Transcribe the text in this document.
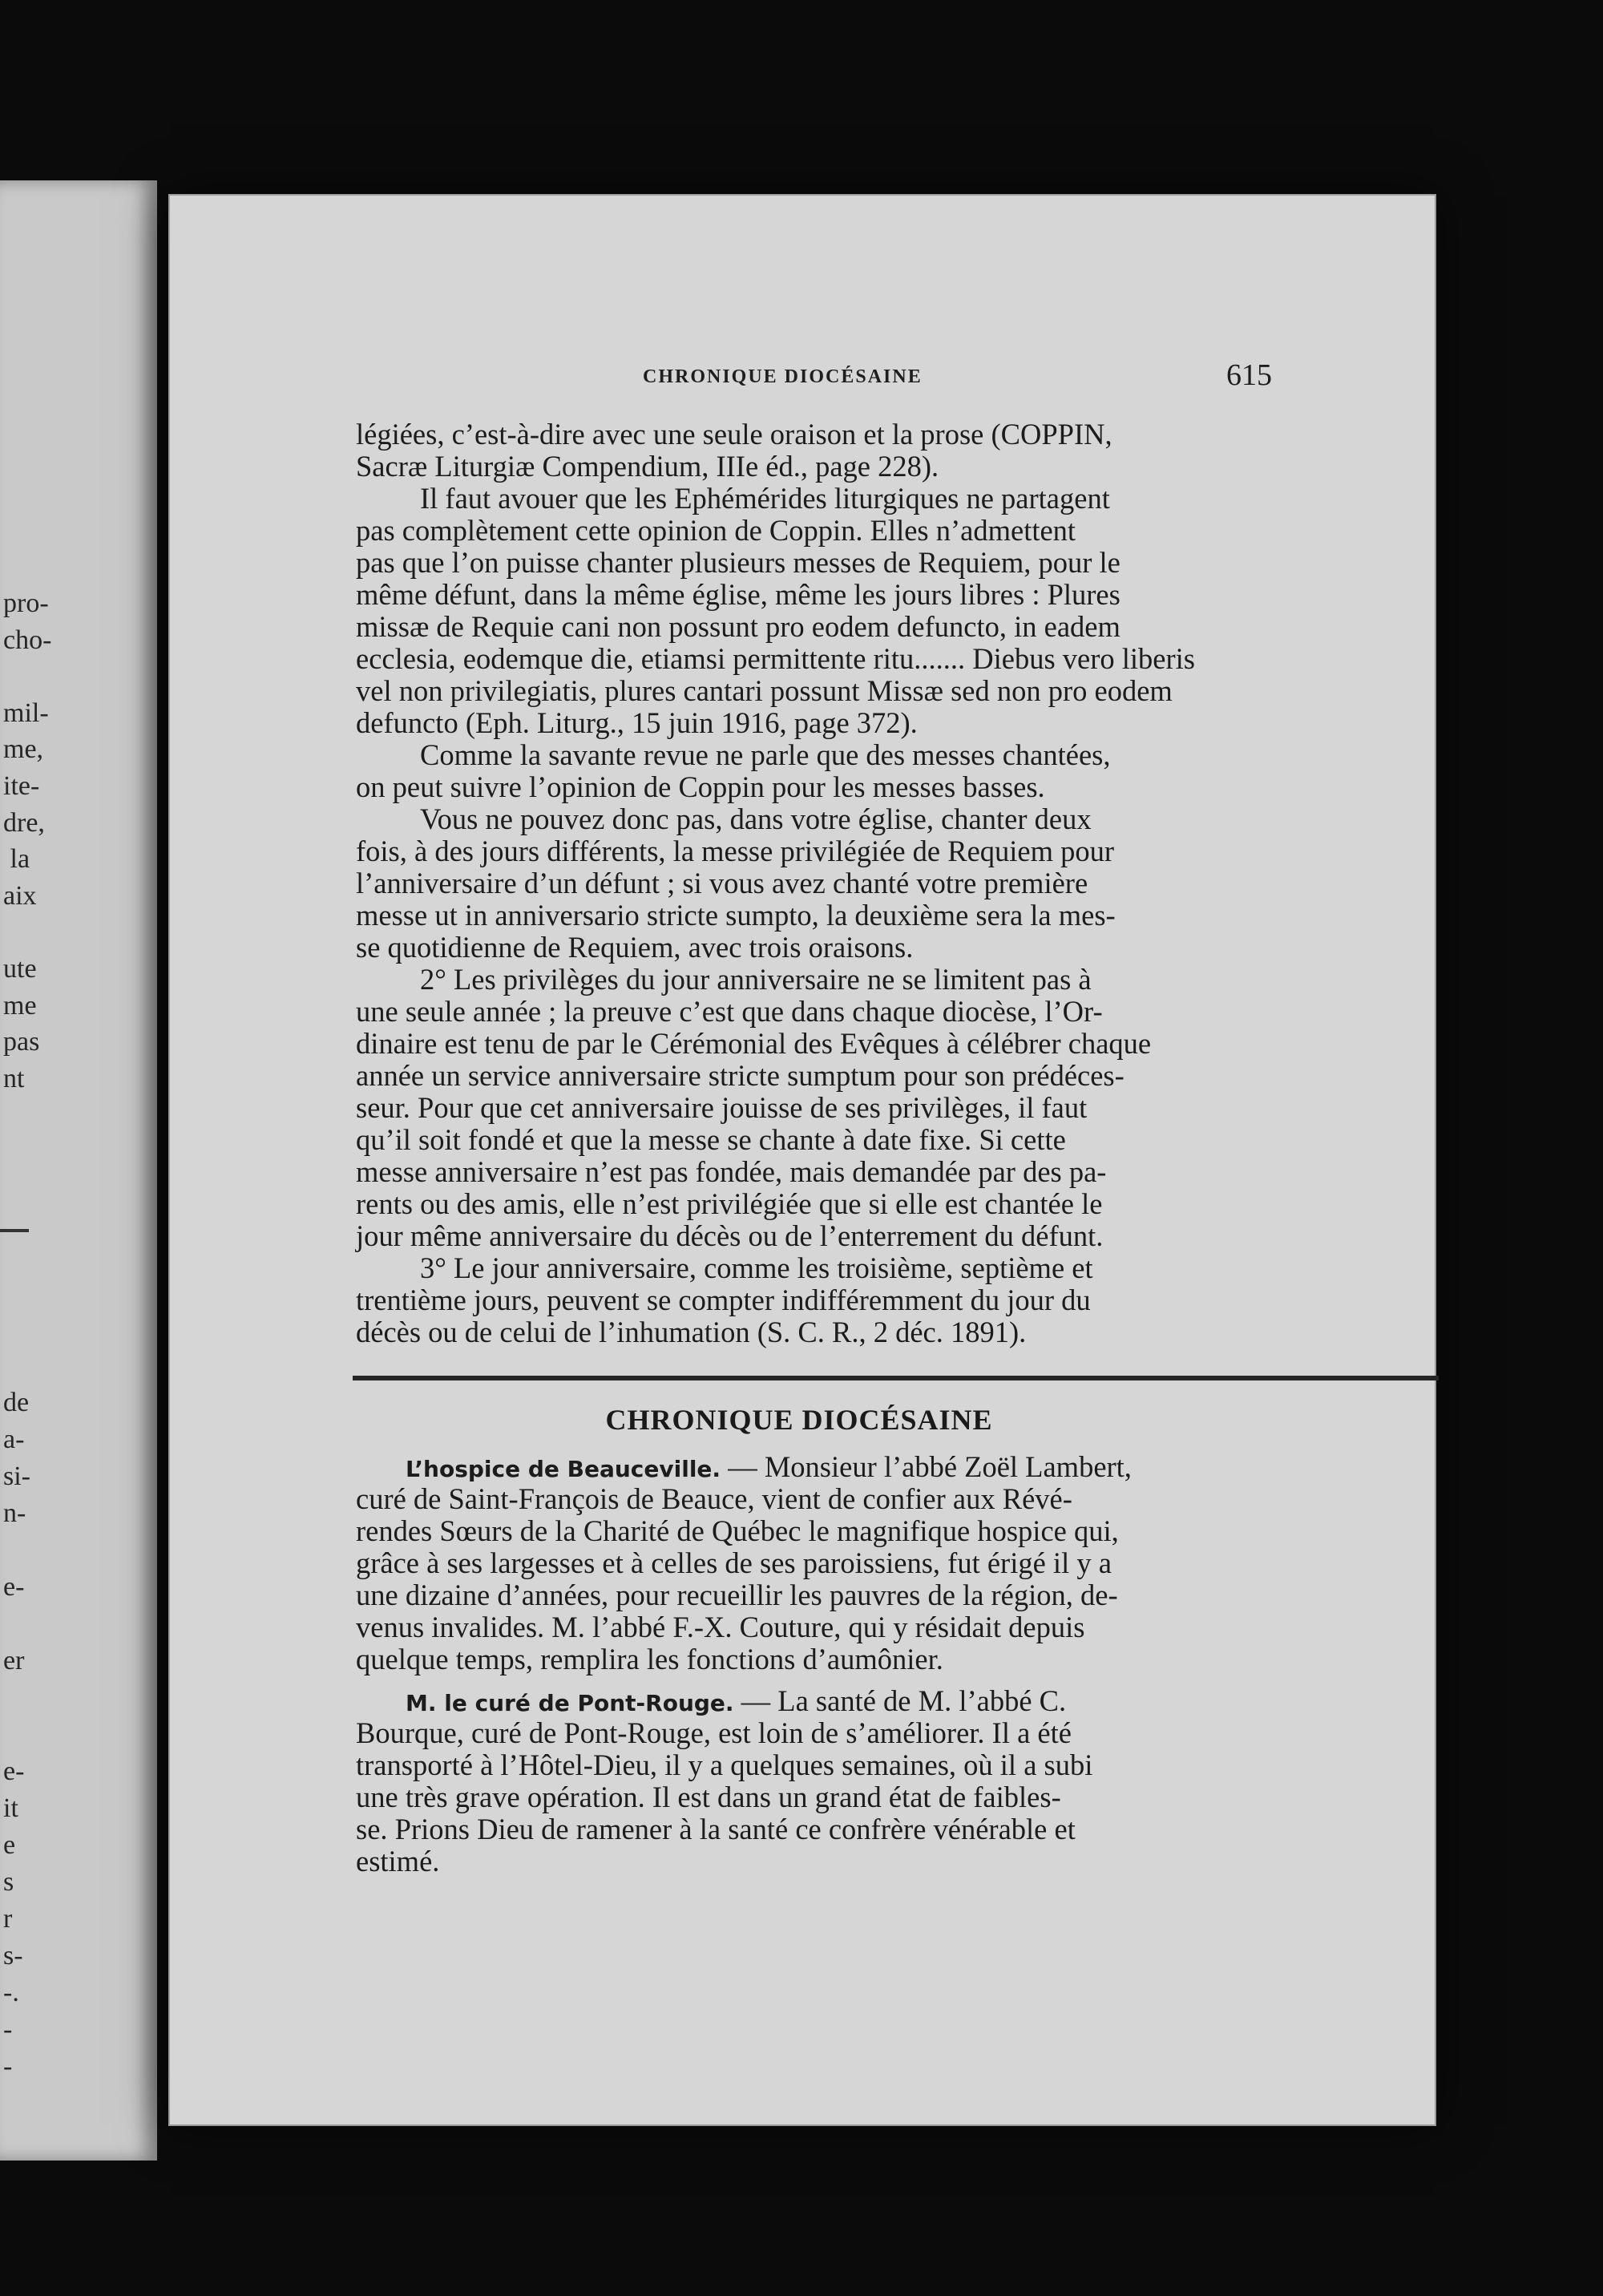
pro-
cho-

mil-
me,
ite-
dre,
la
aix

ute
me
pas
nt
de
a-
si-
n-

e-

er

e-
it
e
s
r
s-
-.
-
-
CHRONIQUE DIOCÉSAINE	615
légiées, c’est-à-dire avec une seule oraison et la prose (COPPIN,
Sacræ Liturgiæ Compendium, IIIe éd., page 228).
Il faut avouer que les Ephémérides liturgiques ne partagent
pas complètement cette opinion de Coppin. Elles n’admettent
pas que l’on puisse chanter plusieurs messes de Requiem, pour le
même défunt, dans la même église, même les jours libres : Plures
missæ de Requie cani non possunt pro eodem defuncto, in eadem
ecclesia, eodemque die, etiamsi permittente ritu....... Diebus vero liberis
vel non privilegiatis, plures cantari possunt Missæ sed non pro eodem
defuncto (Eph. Liturg., 15 juin 1916, page 372).
Comme la savante revue ne parle que des messes chantées,
on peut suivre l’opinion de Coppin pour les messes basses.
Vous ne pouvez donc pas, dans votre église, chanter deux
fois, à des jours différents, la messe privilégiée de Requiem pour
l’anniversaire d’un défunt ; si vous avez chanté votre première
messe ut in anniversario stricte sumpto, la deuxième sera la mes-
se quotidienne de Requiem, avec trois oraisons.
2° Les privilèges du jour anniversaire ne se limitent pas à
une seule année ; la preuve c’est que dans chaque diocèse, l’Or-
dinaire est tenu de par le Cérémonial des Evêques à célébrer chaque
année un service anniversaire stricte sumptum pour son prédéces-
seur. Pour que cet anniversaire jouisse de ses privilèges, il faut
qu’il soit fondé et que la messe se chante à date fixe. Si cette
messe anniversaire n’est pas fondée, mais demandée par des pa-
rents ou des amis, elle n’est privilégiée que si elle est chantée le
jour même anniversaire du décès ou de l’enterrement du défunt.
3° Le jour anniversaire, comme les troisième, septième et
trentième jours, peuvent se compter indifféremment du jour du
décès ou de celui de l’inhumation (S. C. R., 2 déc. 1891).
CHRONIQUE DIOCÉSAINE
L’hospice de Beauceville. — Monsieur l’abbé Zoël Lambert,
curé de Saint-François de Beauce, vient de confier aux Révé-
rendes Sœurs de la Charité de Québec le magnifique hospice qui,
grâce à ses largesses et à celles de ses paroissiens, fut érigé il y a
une dizaine d’années, pour recueillir les pauvres de la région, de-
venus invalides. M. l’abbé F.-X. Couture, qui y résidait depuis
quelque temps, remplira les fonctions d’aumônier.
M. le curé de Pont-Rouge. — La santé de M. l’abbé C.
Bourque, curé de Pont-Rouge, est loin de s’améliorer. Il a été
transporté à l’Hôtel-Dieu, il y a quelques semaines, où il a subi
une très grave opération. Il est dans un grand état de faibles-
se. Prions Dieu de ramener à la santé ce confrère vénérable et
estimé.
